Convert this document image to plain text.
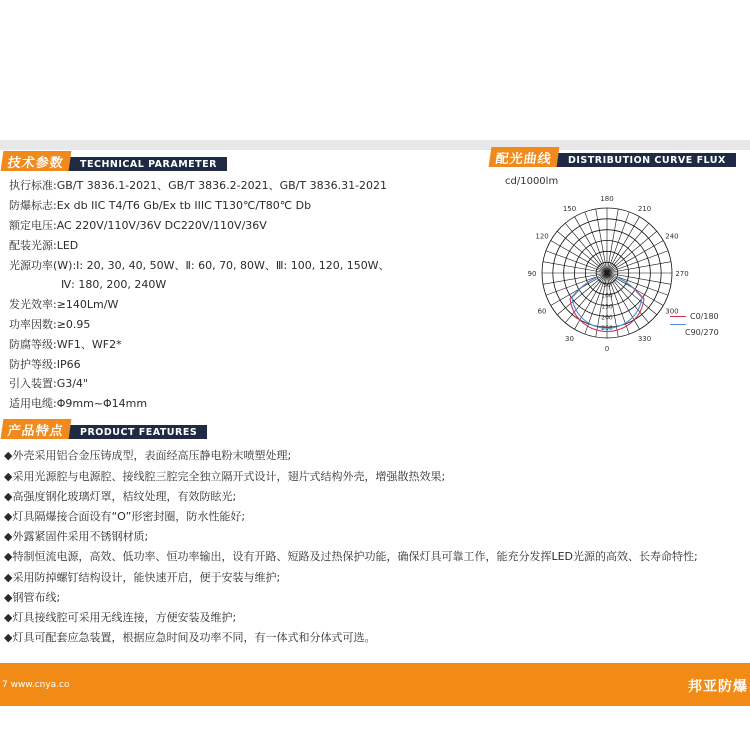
技术参数	TECHNICAL PARAMETER
执行标准:GB/T 3836.1-2021、GB/T 3836.2-2021、GB/T 3836.31-2021
防爆标志:Ex db IIC T4/T6 Gb/Ex tb IIIC T130℃/T80℃ Db
额定电压:AC 220V/110V/36V DC220V/110V/36V
配装光源:LED
光源功率(W):Ⅰ: 20, 30, 40, 50W、Ⅱ: 60, 70, 80W、Ⅲ: 100, 120, 150W、
Ⅳ: 180, 200, 240W
发光效率:≥140Lm/W
功率因数:≥0.95
防腐等级:WF1、WF2*
防护等级:IP66
引入装置:G3/4"
适用电缆:Φ9mm~Φ14mm
配光曲线	DISTRIBUTION CURVE FLUX
cd/1000lm
180
150
120
90
60
30
0
330
300
270
240
210
0
50
100
150
200
250
C0/180
C90/270
产品特点	PRODUCT FEATURES
◆外壳采用铝合金压铸成型，表面经高压静电粉末喷塑处理;
◆采用光源腔与电源腔、接线腔三腔完全独立隔开式设计，翅片式结构外壳，增强散热效果;
◆高强度钢化玻璃灯罩，桔纹处理，有效防眩光;
◆灯具隔爆接合面设有“O”形密封圈，防水性能好;
◆外露紧固件采用不锈钢材质;
◆特制恒流电源，高效、低功率、恒功率输出，设有开路、短路及过热保护功能，确保灯具可靠工作，能充分发挥LED光源的高效、长寿命特性;
◆采用防掉螺钉结构设计，能快速开启，便于安装与维护;
◆钢管布线;
◆灯具接线腔可采用无线连接，方便安装及维护;
◆灯具可配套应急装置，根据应急时间及功率不同，有一体式和分体式可选。
7 www.cnya.co	邦亚防爆
